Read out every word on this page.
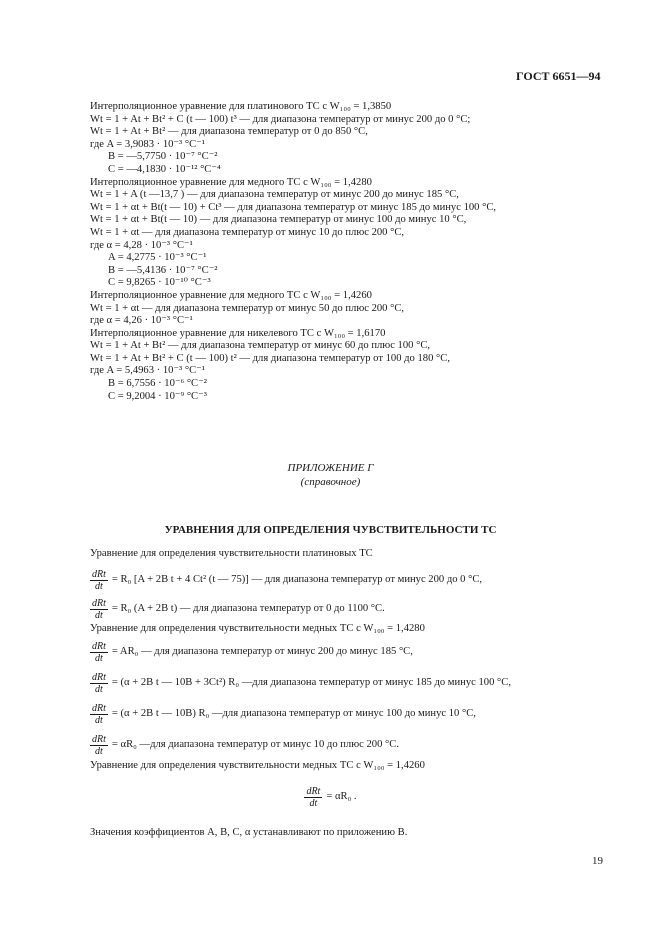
ГОСТ 6651—94
Интерполяционное уравнение для платинового ТС с W₁₀₀ = 1,3850
Wt = 1 + At + Bt² + C (t — 100) t³ — для диапазона температур от минус 200 до 0 °С;
Wt = 1 + At + Bt² — для диапазона температур от 0 до 850 °С,
где A = 3,9083 · 10⁻³ °С⁻¹
B = —5,7750 · 10⁻⁷ °С⁻²
C = —4,1830 · 10⁻¹² °С⁻⁴
Интерполяционное уравнение для медного ТС с W₁₀₀ = 1,4280
Wt = 1 + A (t —13,7 ) — для диапазона температур от минус 200 до минус 185 °С,
Wt = 1 + αt + Bt(t — 10) + Ct³ — для диапазона температур от минус 185 до минус 100 °С,
Wt = 1 + αt + Bt(t — 10) — для диапазона температур от минус 100 до минус 10 °С,
Wt = 1 + αt — для диапазона температур от минус 10 до плюс 200 °С,
где α = 4,28 · 10⁻³ °С⁻¹
A = 4,2775 · 10⁻³ °С⁻¹
B = —5,4136 · 10⁻⁷ °С⁻²
C = 9,8265 · 10⁻¹⁰ °С⁻³
Интерполяционное уравнение для медного ТС с W₁₀₀ = 1,4260
Wt = 1 + αt — для диапазона температур от минус 50 до плюс 200 °С,
где α = 4,26 · 10⁻³ °С⁻¹
Интерполяционное уравнение для никелевого ТС с W₁₀₀ = 1,6170
Wt = 1 + At + Bt² — для диапазона температур от минус 60 до плюс 100 °С,
Wt = 1 + At + Bt² + C (t — 100) t² — для диапазона температур от 100 до 180 °С,
где A = 5,4963 · 10⁻³ °С⁻¹
B = 6,7556 · 10⁻⁶ °С⁻²
C = 9,2004 · 10⁻⁹ °С⁻³
ПРИЛОЖЕНИЕ Г
(справочное)
УРАВНЕНИЯ ДЛЯ ОПРЕДЕЛЕНИЯ ЧУВСТВИТЕЛЬНОСТИ ТС
Уравнение для определения чувствительности платиновых ТС
$\frac{\text{dRt}}{dt} = R_0$ [A + 2B t + 4 Ct² (t — 75)] — для диапазона температур от минус 200 до 0 °С,
$\frac{\text{dRt}}{dt} = R_0$ (A + 2B t) — для диапазона температур от 0 до 1100 °С.
Уравнение для определения чувствительности медных ТС с W₁₀₀ = 1,4280
$\frac{\text{dRt}}{dt} = AR_0$ — для диапазона температур от минус 200 до минус 185 °С,
$\frac{\text{dRt}}{dt} = (\alpha + 2B$ t — 10B + 3Ct²) R₀ —для диапазона температур от минус 185 до минус 100 °С,
$\frac{\text{dRt}}{dt} = (\alpha + 2B$ t — 10B) R₀ —для диапазона температур от минус 100 до минус 10 °С,
$\frac{\text{dRt}}{dt} = \alpha R_0$ —для диапазона температур от минус 10 до плюс 200 °С.
Уравнение для определения чувствительности медных ТС с W₁₀₀ = 1,4260
$\frac{\text{dRt}}{dt} = \alpha R_0$ .
Значения коэффициентов A, B, C, α устанавливают по приложению В.
19
